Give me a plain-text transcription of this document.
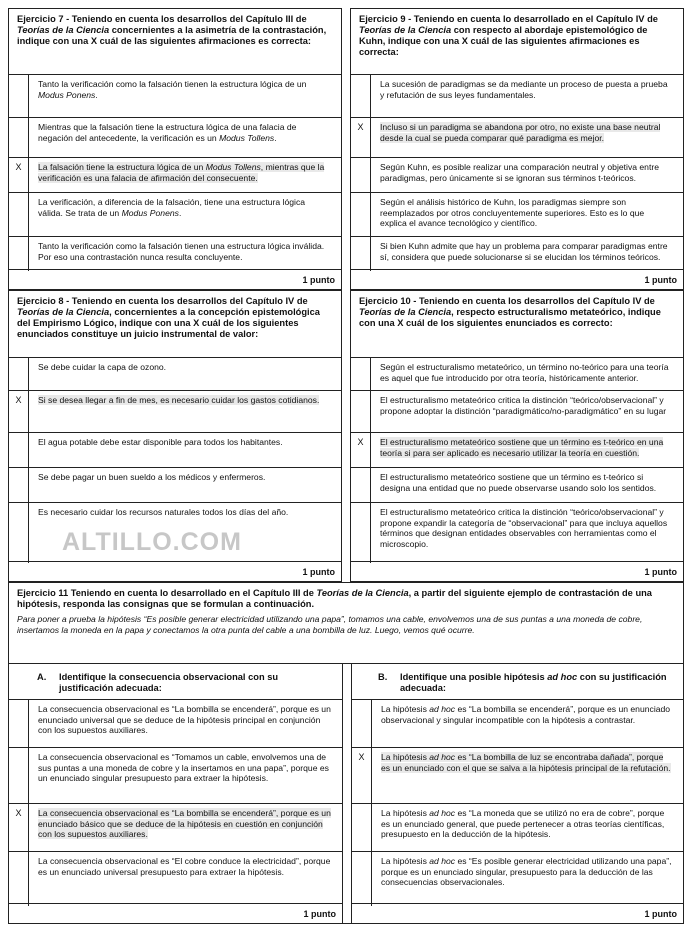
Ejercicio 7 - Teniendo en cuenta los desarrollos del Capítulo III de Teorías de la Ciencia concernientes a la asimetría de la contrastación, indique con una X cuál de las siguientes afirmaciones es correcta:
Tanto la verificación como la falsación tienen la estructura lógica de un Modus Ponens.
Mientras que la falsación tiene la estructura lógica de una falacia de negación del antecedente, la verificación es un Modus Tollens.
X	La falsación tiene la estructura lógica de un Modus Tollens, mientras que la verificación es una falacia de afirmación del consecuente.
La verificación, a diferencia de la falsación, tiene una estructura lógica válida. Se trata de un Modus Ponens.
Tanto la verificación como la falsación tienen una estructura lógica inválida. Por eso una contrastación nunca resulta concluyente.
1 punto
Ejercicio 9 - Teniendo en cuenta lo desarrollado en el Capítulo IV de Teorías de la Ciencia con respecto al abordaje epistemológico de Kuhn, indique con una X cuál de las siguientes afirmaciones es correcta:
La sucesión de paradigmas se da mediante un proceso de puesta a prueba y refutación de sus leyes fundamentales.
X	Incluso si un paradigma se abandona por otro, no existe una base neutral desde la cual se pueda comparar qué paradigma es mejor.
Según Kuhn, es posible realizar una comparación neutral y objetiva entre paradigmas, pero únicamente si se ignoran sus términos t-teóricos.
Según el análisis histórico de Kuhn, los paradigmas siempre son reemplazados por otros concluyentemente superiores. Esto es lo que explica el avance tecnológico y científico.
Si bien Kuhn admite que hay un problema para comparar paradigmas entre sí, considera que puede solucionarse si se elucidan los términos teóricos.
1 punto
Ejercicio 8 - Teniendo en cuenta los desarrollos del Capítulo IV de Teorías de la Ciencia, concernientes a la concepción epistemológica del Empirismo Lógico, indique con una X cuál de los siguientes enunciados constituye un juicio instrumental de valor:
Se debe cuidar la capa de ozono.
X	Si se desea llegar a fin de mes, es necesario cuidar los gastos cotidianos.
El agua potable debe estar disponible para todos los habitantes.
Se debe pagar un buen sueldo a los médicos y enfermeros.
Es necesario cuidar los recursos naturales todos los días del año.
1 punto
Ejercicio 10 - Teniendo en cuenta los desarrollos del Capítulo IV de Teorías de la Ciencia, respecto estructuralismo metateórico, indique con una X cuál de los siguientes enunciados es correcto:
Según el estructuralismo metateórico, un término no-teórico para una teoría es aquel que fue introducido por otra teoría, históricamente anterior.
El estructuralismo metateórico critica la distinción “teórico/observacional” y propone adoptar la distinción “paradigmático/no-paradigmático” en su lugar
X	El estructuralismo metateórico sostiene que un término es t-teórico en una teoría si para ser aplicado es necesario utilizar la teoría en cuestión.
El estructuralismo metateórico sostiene que un término es t-teórico si designa una entidad que no puede observarse usando solo los sentidos.
El estructuralismo metateórico critica la distinción “teórico/observacional” y propone expandir la categoría de “observacional” para que incluya aquellos términos que designan entidades observables con herramientas como el microscopio.
1 punto
ALTILLO.COM
Ejercicio 11 Teniendo en cuenta lo desarrollado en el Capítulo III de Teorías de la Ciencia, a partir del siguiente ejemplo de contrastación de una hipótesis, responda las consignas que se formulan a continuación.
Para poner a prueba la hipótesis “Es posible generar electricidad utilizando una papa”, tomamos una cable, envolvemos una de sus puntas a una moneda de cobre, insertamos la moneda en la papa y conectamos la otra punta del cable a una bombilla de luz. Luego, vemos qué ocurre.
A.	Identifique la consecuencia observacional con su justificación adecuada:
La consecuencia observacional es “La bombilla se encenderá”, porque es un enunciado universal que se deduce de la hipótesis principal en conjunción con los supuestos auxiliares.
La consecuencia observacional es “Tomamos un cable, envolvemos una de sus puntas a una moneda de cobre y la insertamos en una papa”, porque es un enunciado singular presupuesto para extraer la hipótesis.
X	La consecuencia observacional es “La bombilla se encenderá”, porque es un enunciado básico que se deduce de la hipótesis en cuestión en conjunción con los supuestos auxiliares.
La consecuencia observacional es “El cobre conduce la electricidad”, porque es un enunciado universal presupuesto para extraer la hipótesis.
1 punto
B.	Identifique una posible hipótesis ad hoc con su justificación adecuada:
La hipótesis ad hoc es “La bombilla se encenderá”, porque es un enunciado observacional y singular incompatible con la hipótesis a contrastar.
X	La hipótesis ad hoc es “La bombilla de luz se encontraba dañada”, porque es un enunciado con el que se salva a la hipótesis principal de la refutación.
La hipótesis ad hoc es “La moneda que se utilizó no era de cobre”, porque es un enunciado general, que puede pertenecer a otras teorías científicas, presupuesto en la deducción de la hipótesis.
La hipótesis ad hoc es “Es posible generar electricidad utilizando una papa”, porque es un enunciado singular, presupuesto para la deducción de las consecuencias observacionales.
1 punto
